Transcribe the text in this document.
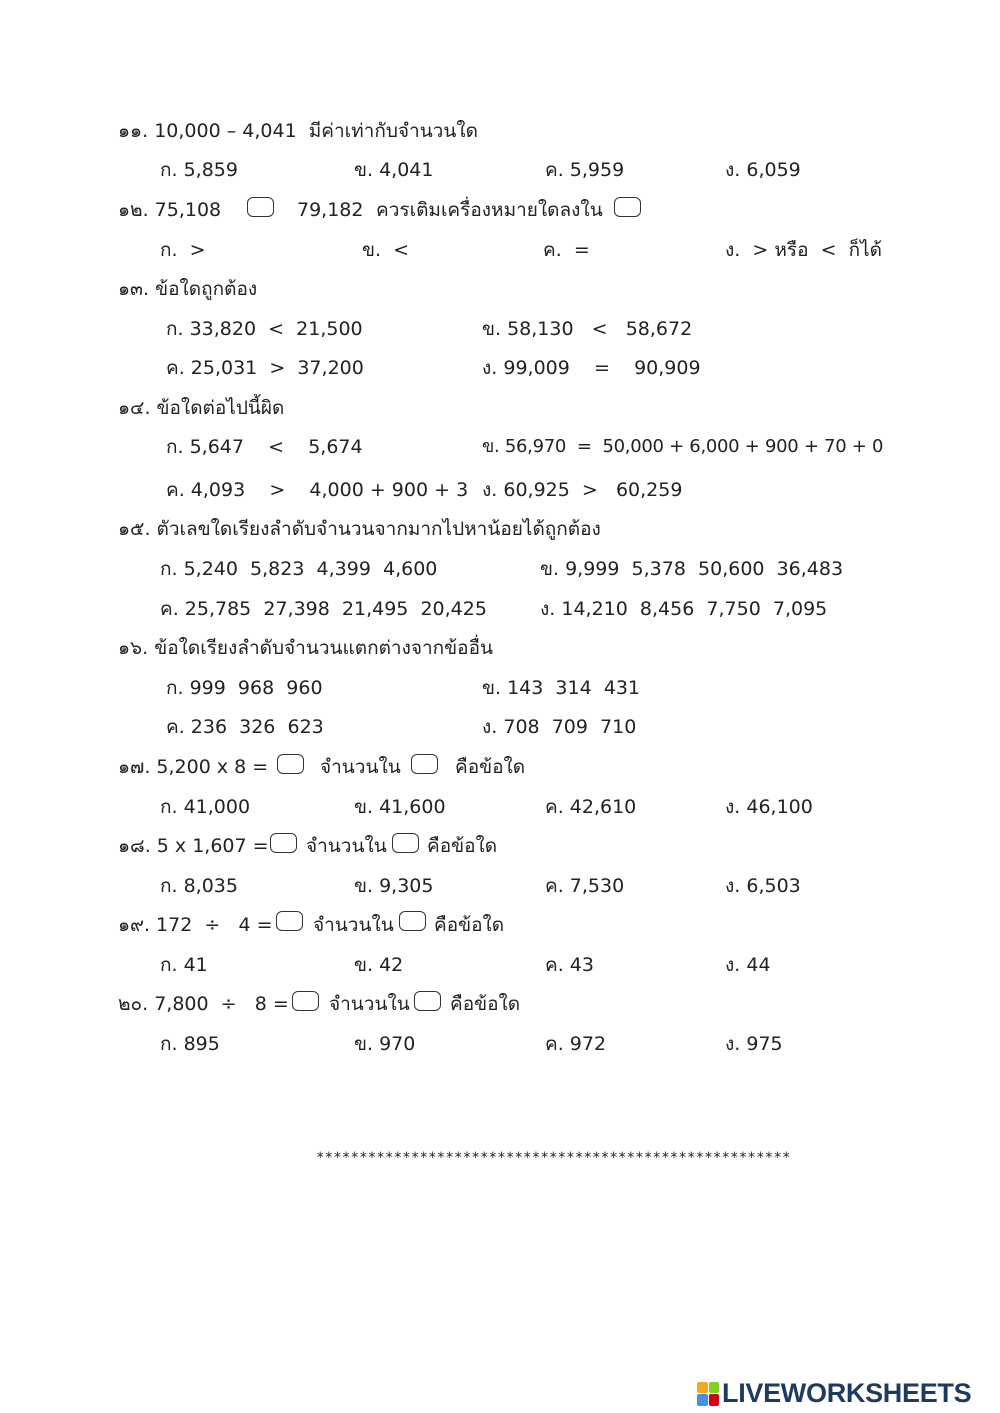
๑๑. 10,000 – 4,041  มีค่าเท่ากับจำนวนใด
ก. 5,859	ข. 4,041	ค. 5,959	ง. 6,059
๑๒. 75,108	79,182 ควรเติมเครื่องหมายใดลงใน
ก.  >	ข.  <	ค.  =	ง.  > หรือ  <  ก็ได้
๑๓. ข้อใดถูกต้อง
ก. 33,820  <  21,500	ข. 58,130   <   58,672
ค. 25,031  >  37,200	ง. 99,009    =    90,909
๑๔. ข้อใดต่อไปนี้ผิด
ก. 5,647    <    5,674	ข. 56,970  =  50,000 + 6,000 + 900 + 70 + 0
ค. 4,093    >    4,000 + 900 + 3 ง. 60,925  >   60,259
๑๕. ตัวเลขใดเรียงลำดับจำนวนจากมากไปหาน้อยได้ถูกต้อง
ก. 5,240  5,823  4,399  4,600	ข. 9,999  5,378  50,600  36,483
ค. 25,785  27,398  21,495  20,425	ง. 14,210  8,456  7,750  7,095
๑๖. ข้อใดเรียงลำดับจำนวนแตกต่างจากข้ออื่น
ก. 999  968  960	ข. 143  314  431
ค. 236  326  623	ง. 708  709  710
๑๗. 5,200 x 8 =	จำนวนใน	คือข้อใด
ก. 41,000	ข. 41,600	ค. 42,610	ง. 46,100
๑๘. 5 x 1,607 = จำนวนใน คือข้อใด
ก. 8,035	ข. 9,305	ค. 7,530	ง. 6,503
๑๙. 172  ÷   4 = จำนวนใน คือข้อใด
ก. 41	ข. 42	ค. 43	ง. 44
๒๐. 7,800  ÷   8 = จำนวนใน คือข้อใด
ก. 895	ข. 970	ค. 972	ง. 975
*******************************************************
LIVEWORKSHEETS
